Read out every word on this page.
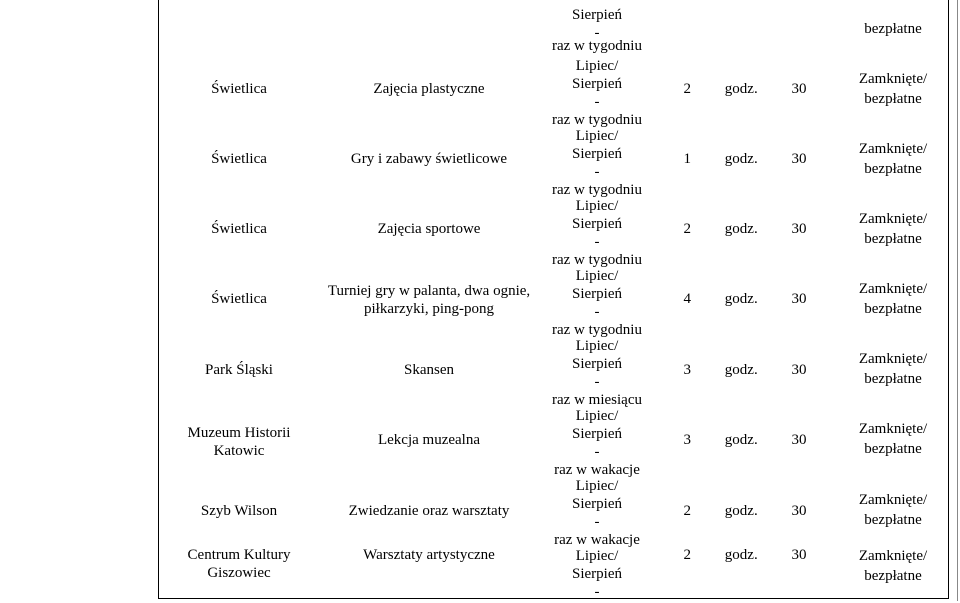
Sierpień
-
raz w tygodniu
bezpłatne
Świetlica	Zajęcia plastyczne
Lipiec/
Sierpień
-
raz w tygodniu
2 godz. 30
Zamknięte/
bezpłatne
Świetlica	Gry i zabawy świetlicowe
Lipiec/
Sierpień
-
raz w tygodniu
1 godz. 30
Zamknięte/
bezpłatne
Świetlica	Zajęcia sportowe
Lipiec/
Sierpień
-
raz w tygodniu
2 godz. 30
Zamknięte/
bezpłatne
Świetlica	Turniej gry w palanta, dwa ognie,
piłkarzyki, ping-pong
Lipiec/
Sierpień
-
raz w tygodniu
4 godz. 30
Zamknięte/
bezpłatne
Park Śląski	Skansen
Lipiec/
Sierpień
-
raz w miesiącu
3 godz. 30
Zamknięte/
bezpłatne
Muzeum Historii
Katowic
Lekcja muzealna
Lipiec/
Sierpień
-
raz w wakacje
3 godz. 30
Zamknięte/
bezpłatne
Szyb Wilson	Zwiedzanie oraz warsztaty
Lipiec/
Sierpień
-
raz w wakacje
2 godz. 30
Zamknięte/
bezpłatne
Centrum Kultury
Giszowiec
Warsztaty artystyczne	Lipiec/
Sierpień
-
2 godz. 30	Zamknięte/
bezpłatne
